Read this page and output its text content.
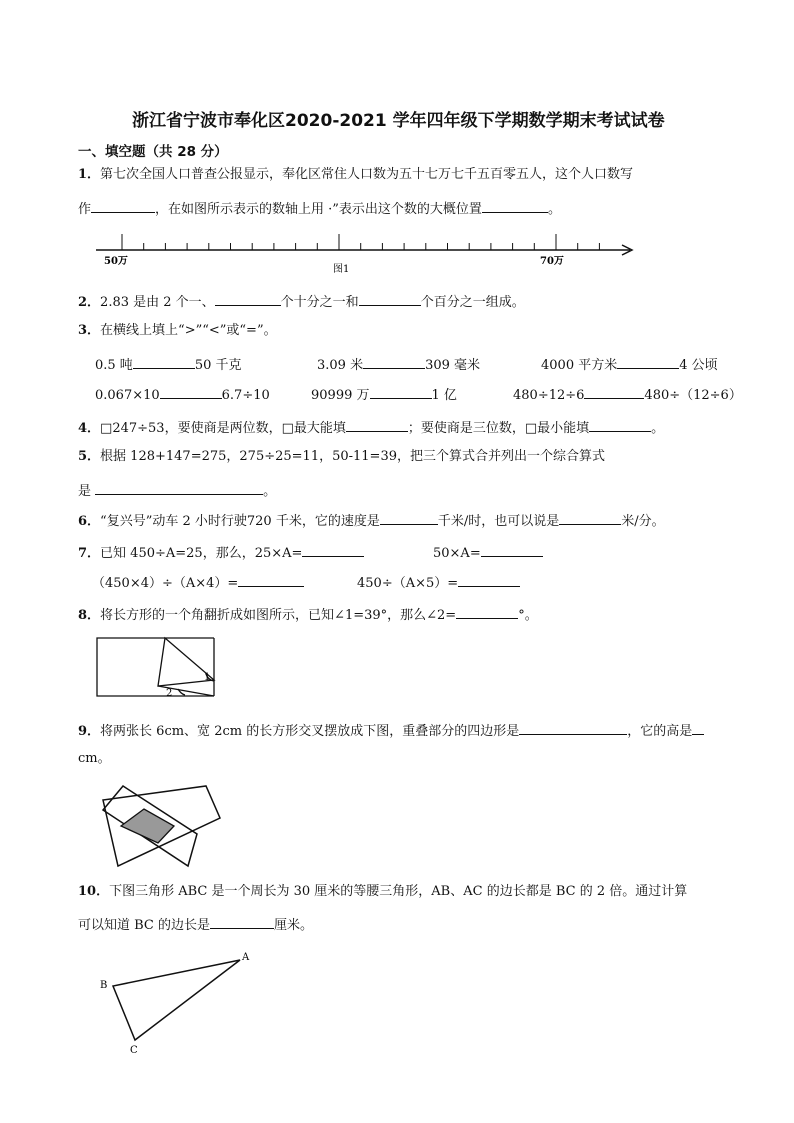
浙江省宁波市奉化区2020-2021 学年四年级下学期数学期末考试试卷
一、填空题（共 28 分）
1．第七次全国人口普查公报显示，奉化区常住人口数为五十七万七千五百零五人，这个人口数写
作	，在如图所示表示的数轴上用 ·”表示出这个数的大概位置	。
50万	70万
图1
2．2.83 是由 2 个一、	个十分之一和	个百分之一组成。
3．在横线上填上“>”“<”或“=”。
0.5 吨	50 千克	3.09 米	309 毫米	4000 平方米	4 公顷
0.067×10	6.7÷10	90999 万	1 亿	480÷12÷6	480÷（12÷6）
4．□247÷53，要使商是两位数，□最大能填	；要使商是三位数，□最小能填	。
5．根据 128+147=275，275÷25=11，50-11=39，把三个算式合并列出一个综合算式
是	。
6．“复兴号”动车 2 小时行驶720 千米，它的速度是	千米/时，也可以说是	米/分。
7．已知 450÷A=25，那么，25×A=	50×A=
（450×4）÷（A×4）=	450÷（A×5）=
8．将长方形的一个角翻折成如图所示，已知∠1=39°，那么∠2=	°。
1
2
9．将两张长 6cm、宽 2cm 的长方形交叉摆放成下图，重叠部分的四边形是	，它的高是
cm。
10．下图三角形 ABC 是一个周长为 30 厘米的等腰三角形，AB、AC 的边长都是 BC 的 2 倍。通过计算
可以知道 BC 的边长是	厘米。
A
B
C
